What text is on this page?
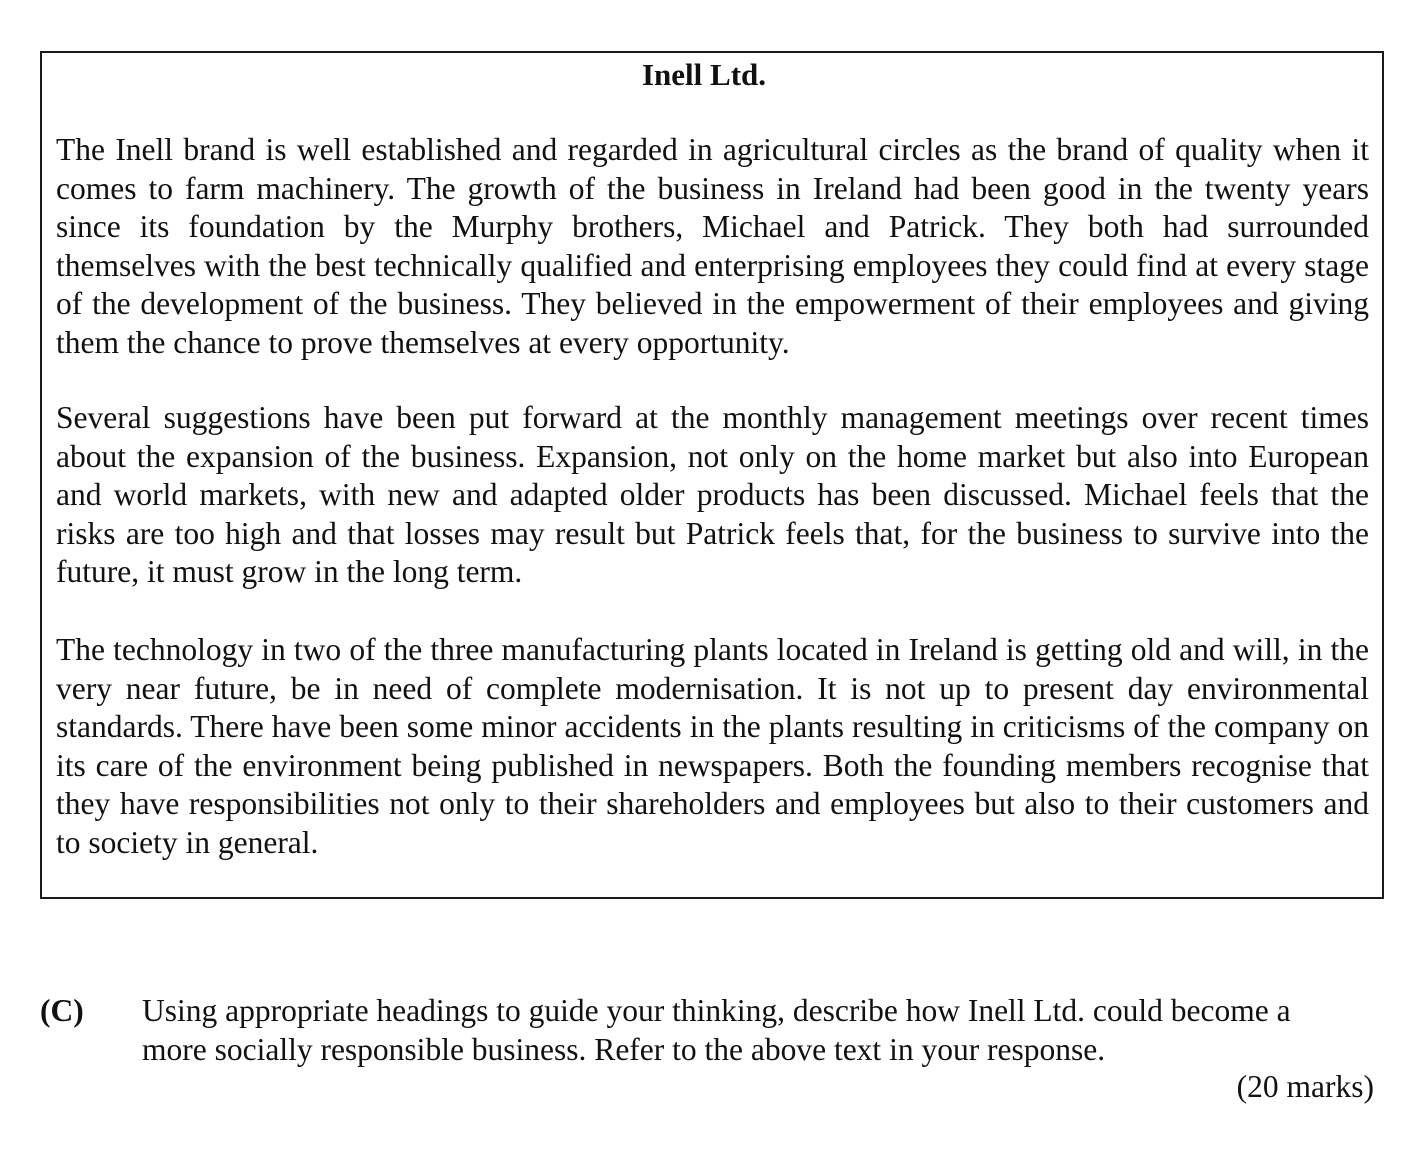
Inell Ltd.

The Inell brand is well established and regarded in agricultural circles as the brand of quality when it comes to farm machinery. The growth of the business in Ireland had been good in the twenty years since its foundation by the Murphy brothers, Michael and Patrick. They both had surrounded themselves with the best technically qualified and enterprising employees they could find at every stage of the development of the business. They believed in the empowerment of their employees and giving them the chance to prove themselves at every opportunity.

Several suggestions have been put forward at the monthly management meetings over recent times about the expansion of the business. Expansion, not only on the home market but also into European and world markets, with new and adapted older products has been discussed. Michael feels that the risks are too high and that losses may result but Patrick feels that, for the business to survive into the future, it must grow in the long term.

The technology in two of the three manufacturing plants located in Ireland is getting old and will, in the very near future, be in need of complete modernisation. It is not up to present day environmental standards. There have been some minor accidents in the plants resulting in criticisms of the company on its care of the environment being published in newspapers. Both the founding members recognise that they have responsibilities not only to their shareholders and employees but also to their customers and to society in general.

(C) Using appropriate headings to guide your thinking, describe how Inell Ltd. could become a more socially responsible business. Refer to the above text in your response.

(20 marks)
